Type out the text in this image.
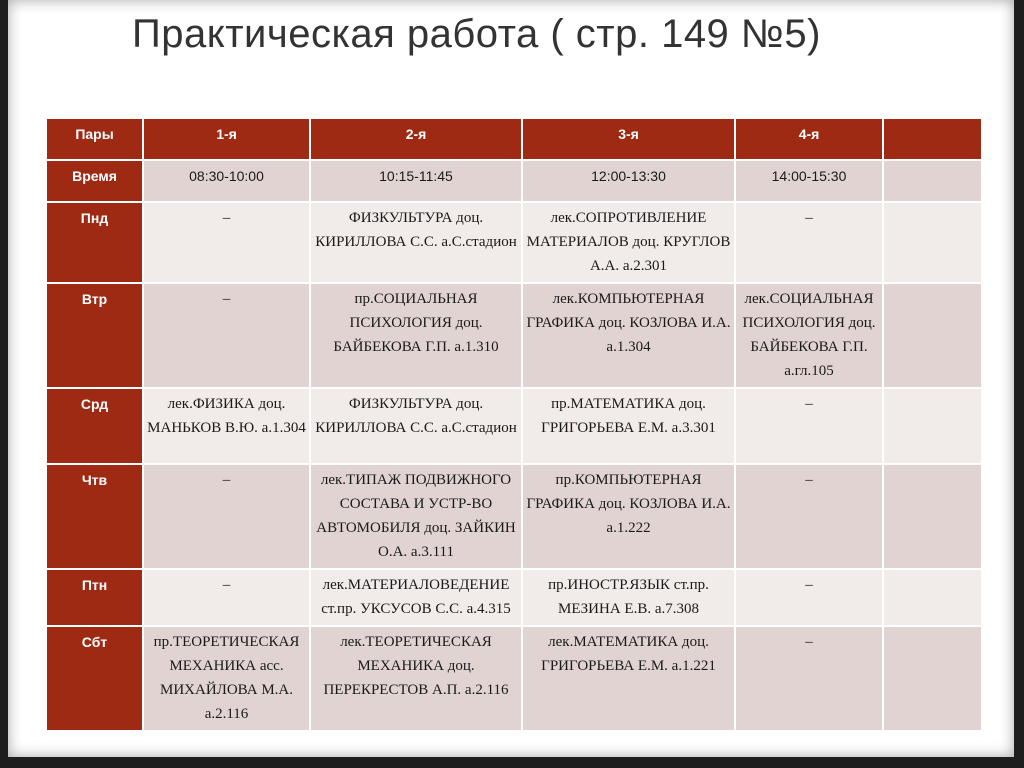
Практическая работа ( стр. 149 №5)
Пары	1-я	2-я	3-я	4-я	
Время	08:30-10:00	10:15-11:45	12:00-13:30	14:00-15:30	
Пнд	–	ФИЗКУЛЬТУРА доц. КИРИЛЛОВА С.С. а.С.стадион	лек.СОПРОТИВЛЕНИЕ МАТЕРИАЛОВ доц. КРУГЛОВ А.А. а.2.301	–	
Втр	–	пр.СОЦИАЛЬНАЯ ПСИХОЛОГИЯ доц. БАЙБЕКОВА Г.П. а.1.310	лек.КОМПЬЮТЕРНАЯ ГРАФИКА доц. КОЗЛОВА И.А. а.1.304	лек.СОЦИАЛЬНАЯ ПСИХОЛОГИЯ доц. БАЙБЕКОВА Г.П. а.гл.105	
Срд	лек.ФИЗИКА доц. МАНЬКОВ В.Ю. а.1.304	ФИЗКУЛЬТУРА доц. КИРИЛЛОВА С.С. а.С.стадион	пр.МАТЕМАТИКА доц. ГРИГОРЬЕВА Е.М. а.3.301	–	
Чтв	–	лек.ТИПАЖ ПОДВИЖНОГО СОСТАВА И УСТР-ВО АВТОМОБИЛЯ доц. ЗАЙКИН О.А. а.3.111	пр.КОМПЬЮТЕРНАЯ ГРАФИКА доц. КОЗЛОВА И.А. а.1.222	–	
Птн	–	лек.МАТЕРИАЛОВЕДЕНИЕ ст.пр. УКСУСОВ С.С. а.4.315	пр.ИНОСТР.ЯЗЫК ст.пр. МЕЗИНА Е.В. а.7.308	–	
Сбт	пр.ТЕОРЕТИЧЕСКАЯ МЕХАНИКА асс. МИХАЙЛОВА М.А. а.2.116	лек.ТЕОРЕТИЧЕСКАЯ МЕХАНИКА доц. ПЕРЕКРЕСТОВ А.П. а.2.116	лек.МАТЕМАТИКА доц. ГРИГОРЬЕВА Е.М. а.1.221	–	
